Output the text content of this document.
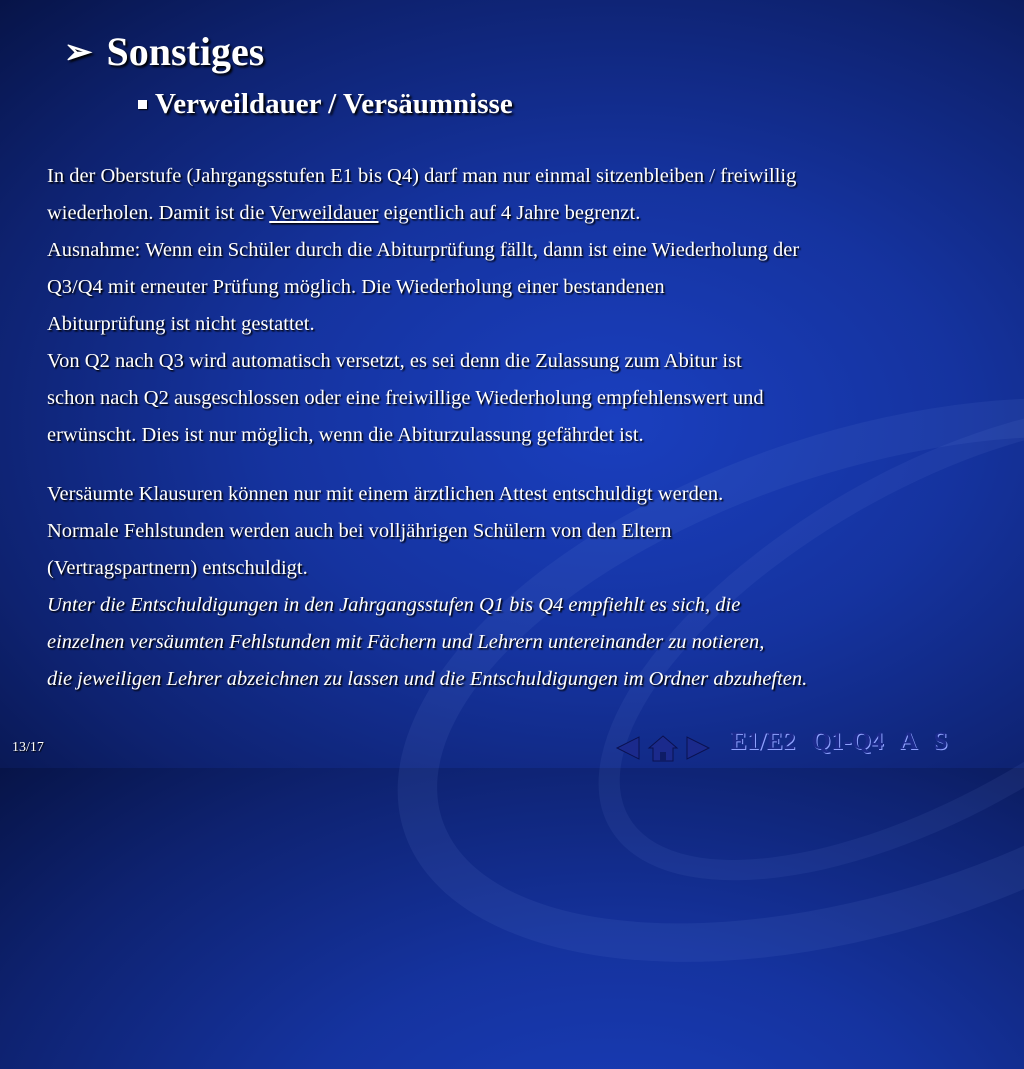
➢ Sonstiges
Verweildauer / Versäumnisse
In der Oberstufe (Jahrgangsstufen E1 bis Q4) darf man nur einmal sitzenbleiben / freiwillig
wiederholen. Damit ist die Verweildauer eigentlich auf 4 Jahre begrenzt.
Ausnahme: Wenn ein Schüler durch die Abiturprüfung fällt, dann ist eine Wiederholung der
Q3/Q4 mit erneuter Prüfung möglich. Die Wiederholung einer bestandenen
Abiturprüfung ist nicht gestattet.
Von Q2 nach Q3 wird automatisch versetzt, es sei denn die Zulassung zum Abitur ist
schon nach Q2 ausgeschlossen oder eine freiwillige Wiederholung empfehlenswert und
erwünscht. Dies ist nur möglich, wenn die Abiturzulassung gefährdet ist.
Versäumte Klausuren können nur mit einem ärztlichen Attest entschuldigt werden.
Normale Fehlstunden werden auch bei volljährigen Schülern von den Eltern
(Vertragspartnern) entschuldigt.
Unter die Entschuldigungen in den Jahrgangsstufen Q1 bis Q4 empfiehlt es sich, die
einzelnen versäumten Fehlstunden mit Fächern und Lehrern untereinander zu notieren,
die jeweiligen Lehrer abzeichnen zu lassen und die Entschuldigungen im Ordner abzuheften.
13/17	E1/E2 Q1-Q4 A S
